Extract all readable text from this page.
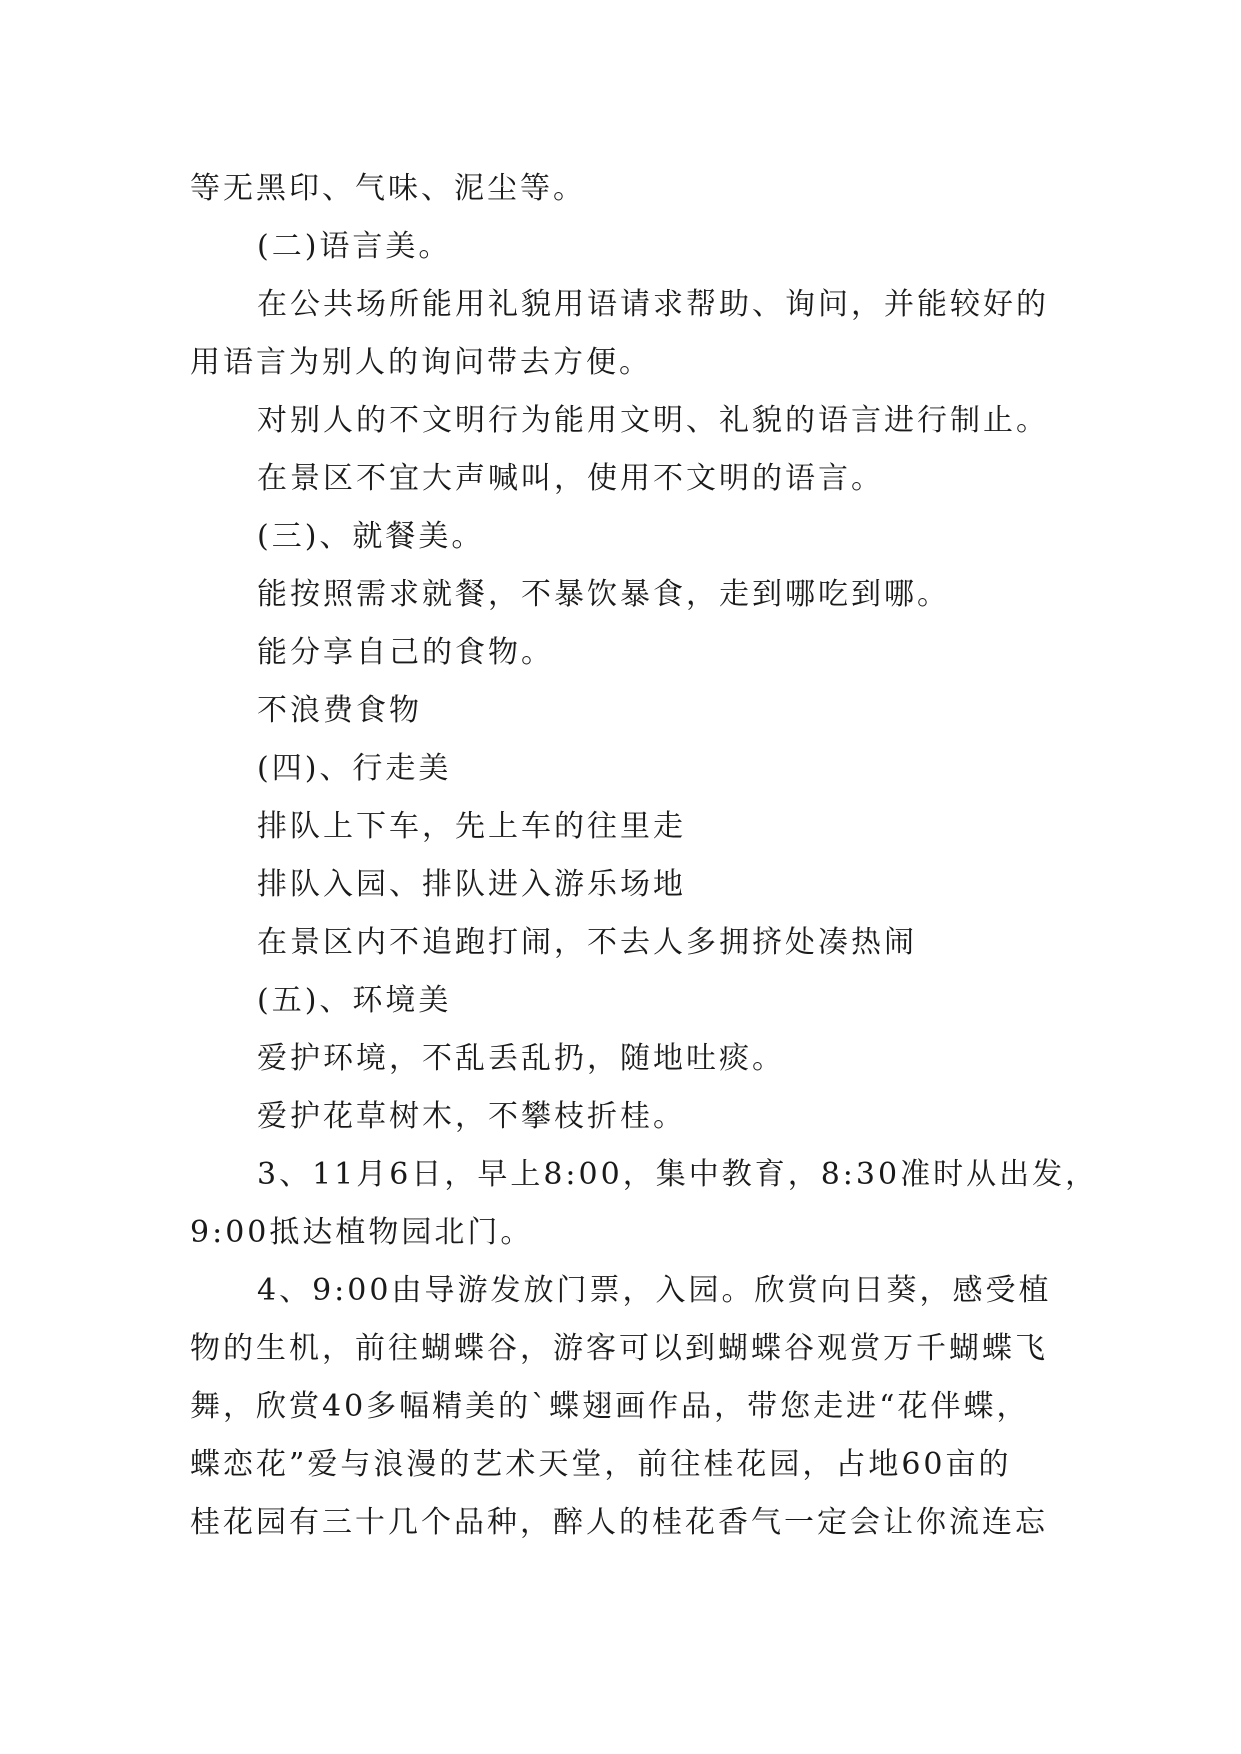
等无黑印、气味、泥尘等。
(二)语言美。
在公共场所能用礼貌用语请求帮助、询问，并能较好的
用语言为别人的询问带去方便。
对别人的不文明行为能用文明、礼貌的语言进行制止。
在景区不宜大声喊叫，使用不文明的语言。
(三)、就餐美。
能按照需求就餐，不暴饮暴食，走到哪吃到哪。
能分享自己的食物。
不浪费食物
(四)、行走美
排队上下车，先上车的往里走
排队入园、排队进入游乐场地
在景区内不追跑打闹，不去人多拥挤处凑热闹
(五)、环境美
爱护环境，不乱丢乱扔，随地吐痰。
爱护花草树木，不攀枝折桂。
3、11月6日，早上8:00，集中教育，8:30准时从出发，
9:00抵达植物园北门。
4、9:00由导游发放门票，入园。欣赏向日葵，感受植
物的生机，前往蝴蝶谷，游客可以到蝴蝶谷观赏万千蝴蝶飞
舞，欣赏40多幅精美的`蝶翅画作品，带您走进“花伴蝶，
蝶恋花”爱与浪漫的艺术天堂，前往桂花园，占地60亩的
桂花园有三十几个品种，醉人的桂花香气一定会让你流连忘
